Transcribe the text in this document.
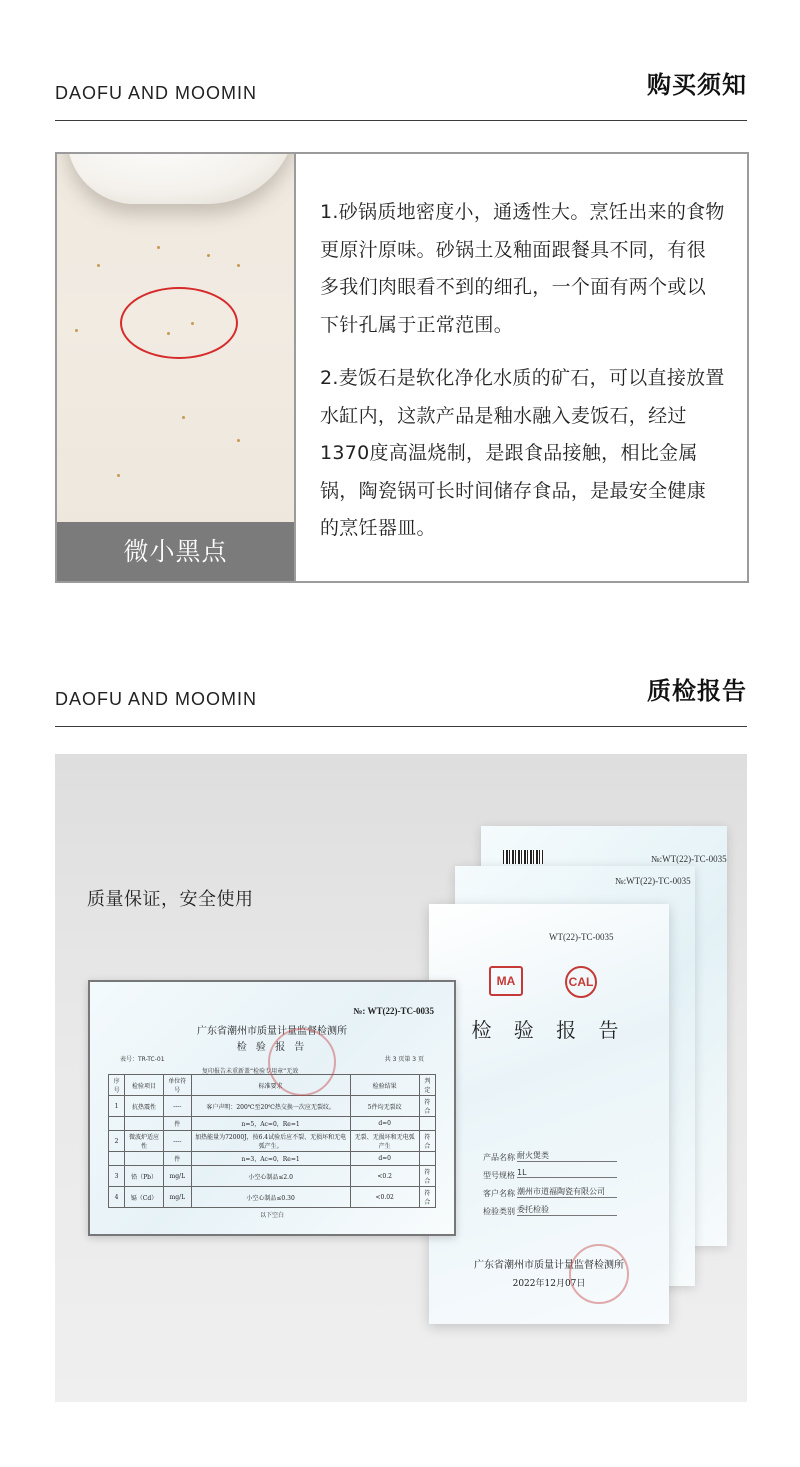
DAOFU AND MOOMIN	购买须知
微小黑点

1.砂锅质地密度小，通透性大。烹饪出来的食物更原汁原味。砂锅土及釉面跟餐具不同，有很多我们肉眼看不到的细孔，一个面有两个或以下针孔属于正常范围。

2.麦饭石是软化净化水质的矿石，可以直接放置水缸内，这款产品是釉水融入麦饭石，经过1370度高温烧制，是跟食品接触，相比金属锅，陶瓷锅可长时间储存食品，是最安全健康的烹饪器皿。

DAOFU AND MOOMIN	质检报告
质量保证，安全使用
№:WT(22)-TC-0035
№:WT(22)-TC-0035
WT(22)-TC-0035
MA	CAL
检 验 报 告
产品名称 耐火煲类
型号规格 1L
客户名称 潮州市道福陶瓷有限公司
检验类别 委托检验
广东省潮州市质量计量监督检测所
2022年12月07日
№: WT(22)-TC-0035
广东省潮州市质量计量监督检测所
检 验 报 告
表号：TR-TC-01	共 3 页第 3 页
复印报告未重新盖“检验专用章”无效
序号	检验项目	单位符号	标准要求	检验结果	判定
1	抗热震性	----	客户声明：200℃至20℃热交换一次应无裂纹。	5件均无裂纹	符合
		件	n=5，Ac=0，Re=1	d=0	
2	微波炉适应性	----	加热能量为72000J，按6.4试验后应不裂、无损坏和无电弧产生。	无裂、无损坏和无电弧产生	符合
		件	n=3，Ac=0，Re=1	d=0	
3	铅（Pb）	mg/L	小空心制品≤2.0	<0.2	符合
4	镉（Cd）	mg/L	小空心制品≤0.30	<0.02	符合
以下空白
